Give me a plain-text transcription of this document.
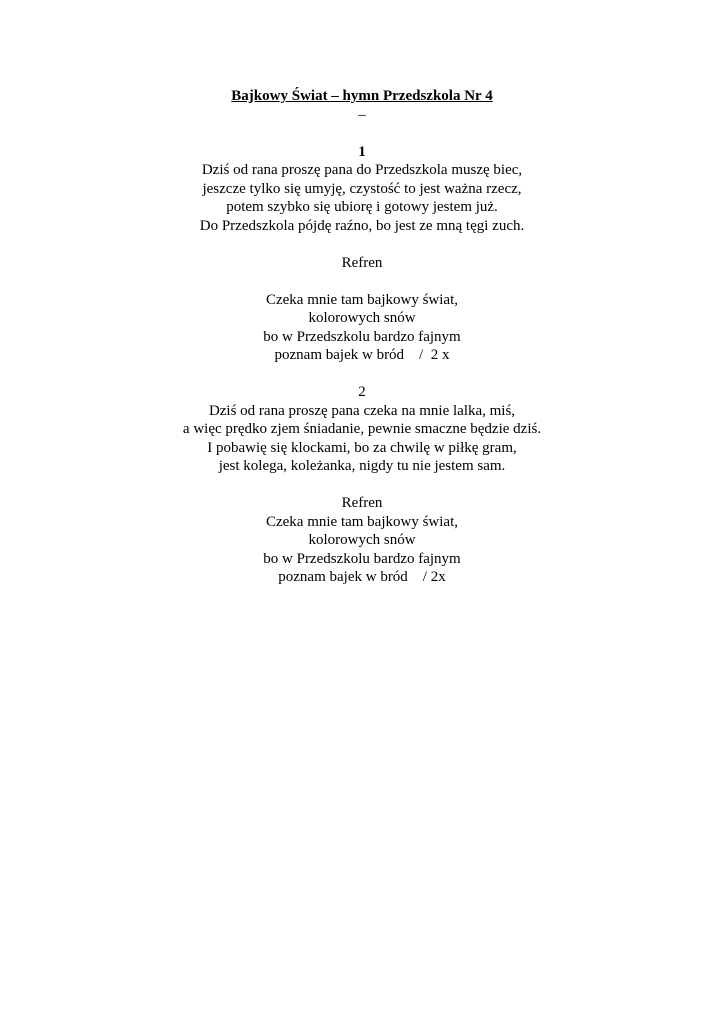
Bajkowy Świat – hymn Przedszkola Nr 4
–
1
Dziś od rana proszę pana do Przedszkola muszę biec,
jeszcze tylko się umyję, czystość to jest ważna rzecz,
potem szybko się ubiorę i gotowy jestem już.
Do Przedszkola pójdę raźno, bo jest ze mną tęgi zuch.
Refren
Czeka mnie tam bajkowy świat,
kolorowych snów
bo w Przedszkolu bardzo fajnym
poznam bajek w bród    /  2 x
2
Dziś od rana proszę pana czeka na mnie lalka, miś,
a więc prędko zjem śniadanie, pewnie smaczne będzie dziś.
I pobawię się klockami, bo za chwilę w piłkę gram,
jest kolega, koleżanka, nigdy tu nie jestem sam.
Refren
Czeka mnie tam bajkowy świat,
kolorowych snów
bo w Przedszkolu bardzo fajnym
poznam bajek w bród    / 2x
